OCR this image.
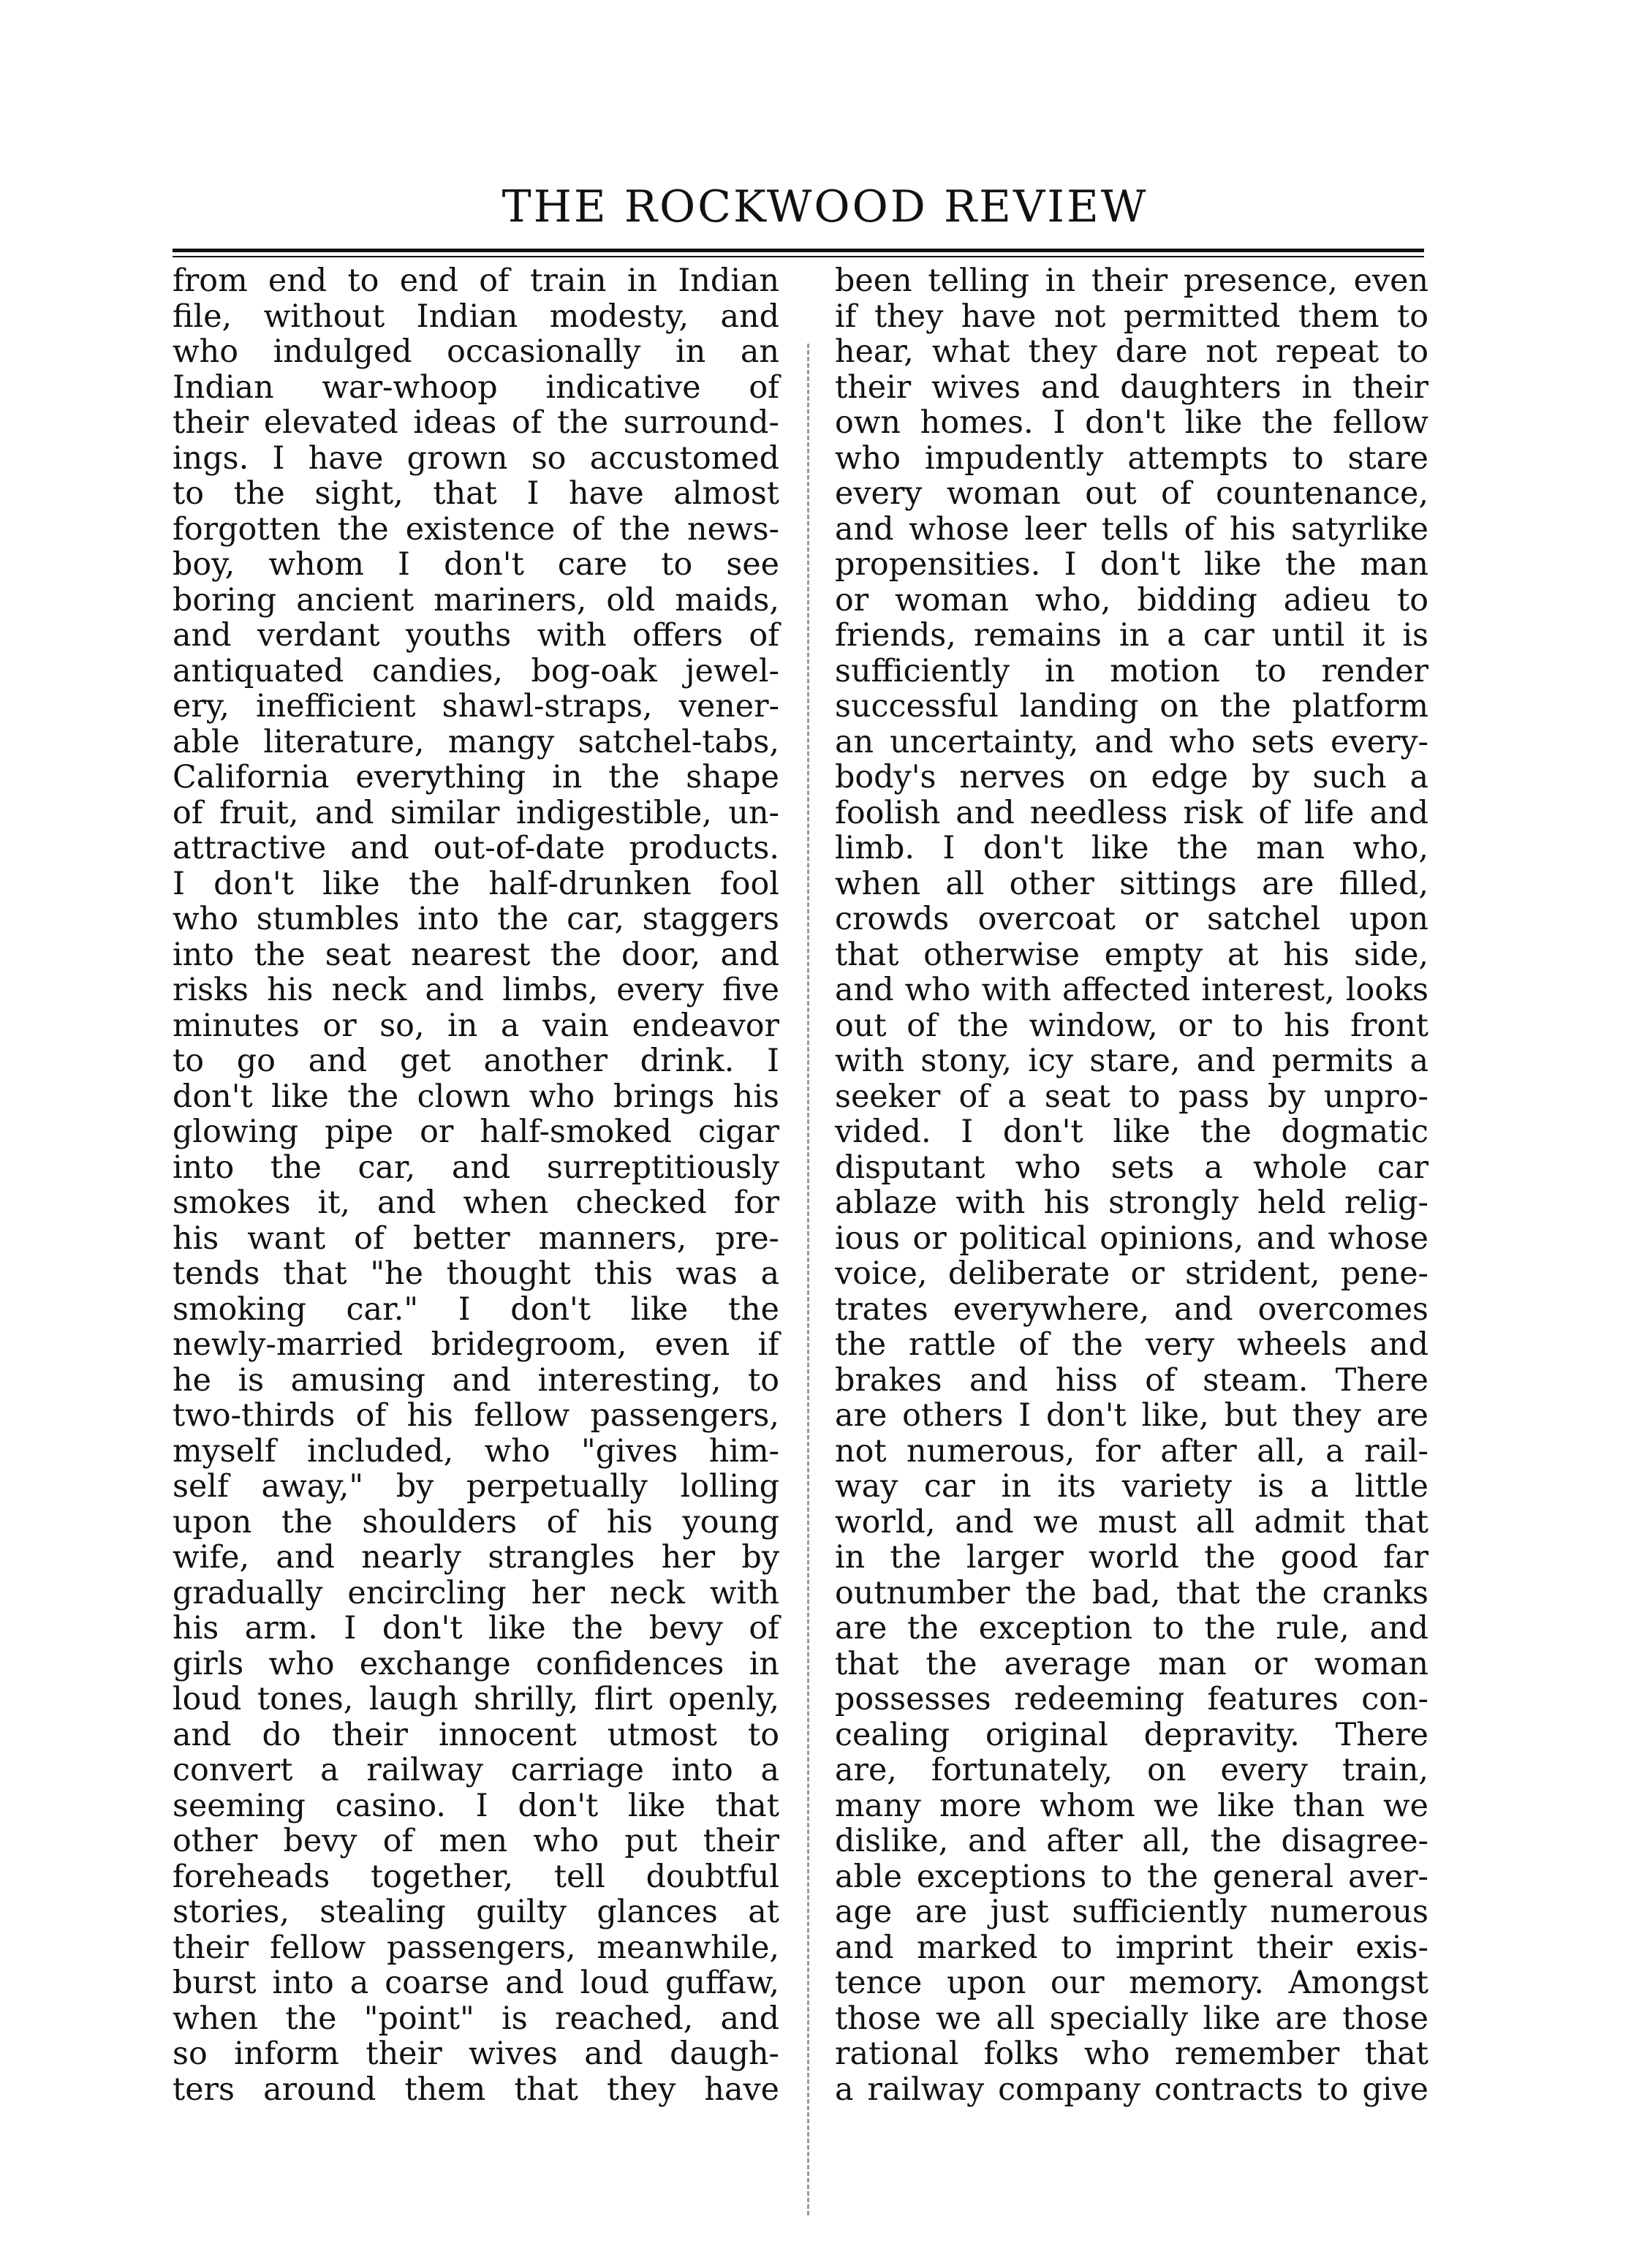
THE ROCKWOOD REVIEW
from end to end of train in Indian
file, without Indian modesty, and
who indulged occasionally in an
Indian war-whoop indicative of
their elevated ideas of the surround-
ings. I have grown so accustomed
to the sight, that I have almost
forgotten the existence of the news-
boy, whom I don't care to see
boring ancient mariners, old maids,
and verdant youths with offers of
antiquated candies, bog-oak jewel-
ery, inefficient shawl-straps, vener-
able literature, mangy satchel-tabs,
California everything in the shape
of fruit, and similar indigestible, un-
attractive and out-of-date products.
I don't like the half-drunken fool
who stumbles into the car, staggers
into the seat nearest the door, and
risks his neck and limbs, every five
minutes or so, in a vain endeavor
to go and get another drink. I
don't like the clown who brings his
glowing pipe or half-smoked cigar
into the car, and surreptitiously
smokes it, and when checked for
his want of better manners, pre-
tends that "he thought this was a
smoking car." I don't like the
newly-married bridegroom, even if
he is amusing and interesting, to
two-thirds of his fellow passengers,
myself included, who "gives him-
self away," by perpetually lolling
upon the shoulders of his young
wife, and nearly strangles her by
gradually encircling her neck with
his arm. I don't like the bevy of
girls who exchange confidences in
loud tones, laugh shrilly, flirt openly,
and do their innocent utmost to
convert a railway carriage into a
seeming casino. I don't like that
other bevy of men who put their
foreheads together, tell doubtful
stories, stealing guilty glances at
their fellow passengers, meanwhile,
burst into a coarse and loud guffaw,
when the "point" is reached, and
so inform their wives and daugh-
ters around them that they have
been telling in their presence, even
if they have not permitted them to
hear, what they dare not repeat to
their wives and daughters in their
own homes. I don't like the fellow
who impudently attempts to stare
every woman out of countenance,
and whose leer tells of his satyrlike
propensities. I don't like the man
or woman who, bidding adieu to
friends, remains in a car until it is
sufficiently in motion to render
successful landing on the platform
an uncertainty, and who sets every-
body's nerves on edge by such a
foolish and needless risk of life and
limb. I don't like the man who,
when all other sittings are filled,
crowds overcoat or satchel upon
that otherwise empty at his side,
and who with affected interest, looks
out of the window, or to his front
with stony, icy stare, and permits a
seeker of a seat to pass by unpro-
vided. I don't like the dogmatic
disputant who sets a whole car
ablaze with his strongly held relig-
ious or political opinions, and whose
voice, deliberate or strident, pene-
trates everywhere, and overcomes
the rattle of the very wheels and
brakes and hiss of steam. There
are others I don't like, but they are
not numerous, for after all, a rail-
way car in its variety is a little
world, and we must all admit that
in the larger world the good far
outnumber the bad, that the cranks
are the exception to the rule, and
that the average man or woman
possesses redeeming features con-
cealing original depravity. There
are, fortunately, on every train,
many more whom we like than we
dislike, and after all, the disagree-
able exceptions to the general aver-
age are just sufficiently numerous
and marked to imprint their exis-
tence upon our memory. Amongst
those we all specially like are those
rational folks who remember that
a railway company contracts to give
